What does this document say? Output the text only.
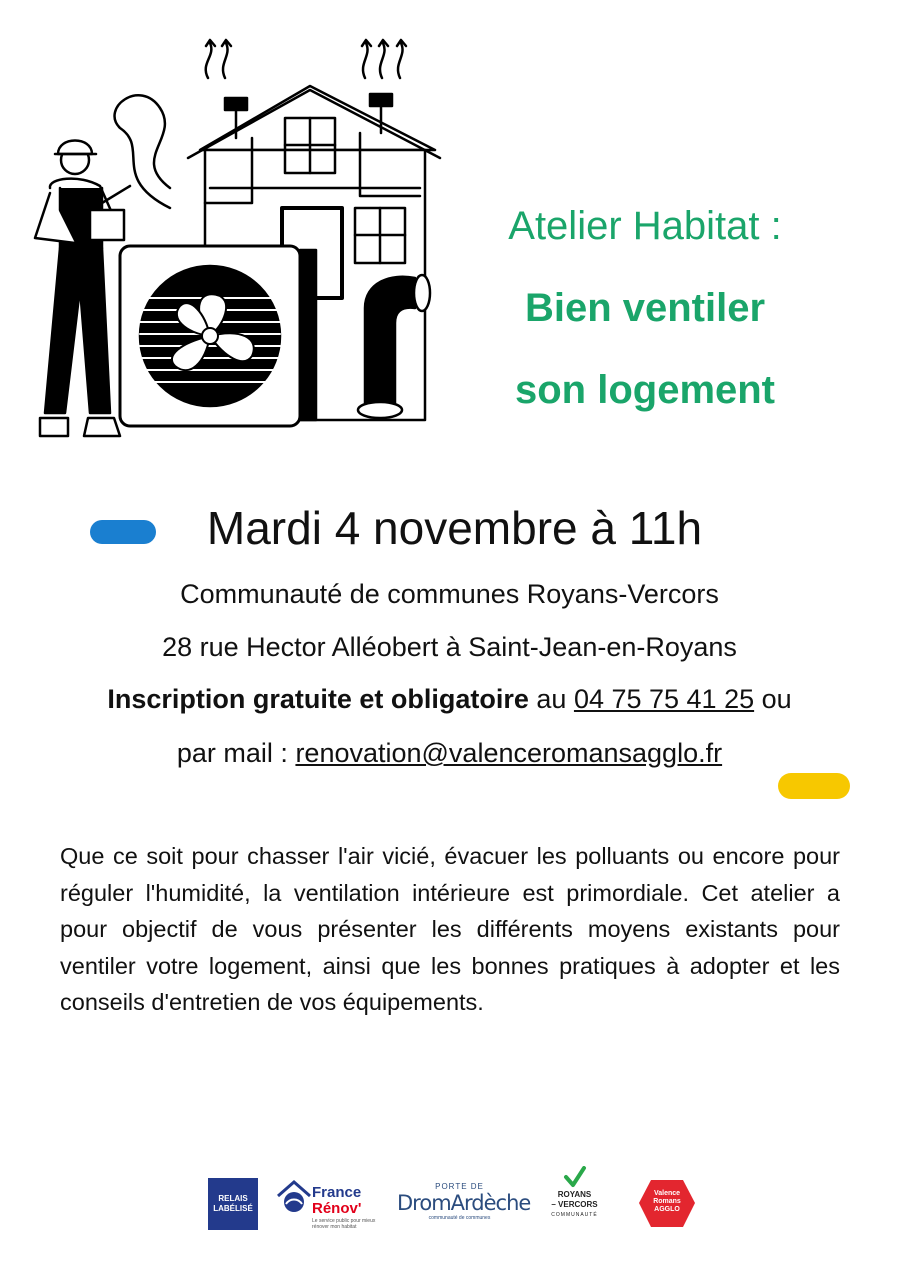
Atelier Habitat :
Bien ventiler
son logement
Mardi 4 novembre à 11h
Communauté de communes Royans-Vercors
28 rue Hector Alléobert à Saint-Jean-en-Royans
Inscription gratuite et obligatoire au 04 75 75 41 25 ou
par mail : renovation@valenceromansagglo.fr
Que ce soit pour chasser l'air vicié, évacuer les polluants ou encore pour réguler l'humidité, la ventilation intérieure est primordiale. Cet atelier a pour objectif de vous présenter les différents moyens existants pour ventiler votre logement, ainsi que les bonnes pratiques à adopter et les conseils d'entretien de vos équipements.
RELAIS LABÉLISÉ
France
Rénov'
Le service public pour mieux rénover mon habitat
PORTE DE
DromArdèche
communauté de communes
ROYANS
– VERCORS
COMMUNAUTÉ
Valence
Romans
AGGLO
